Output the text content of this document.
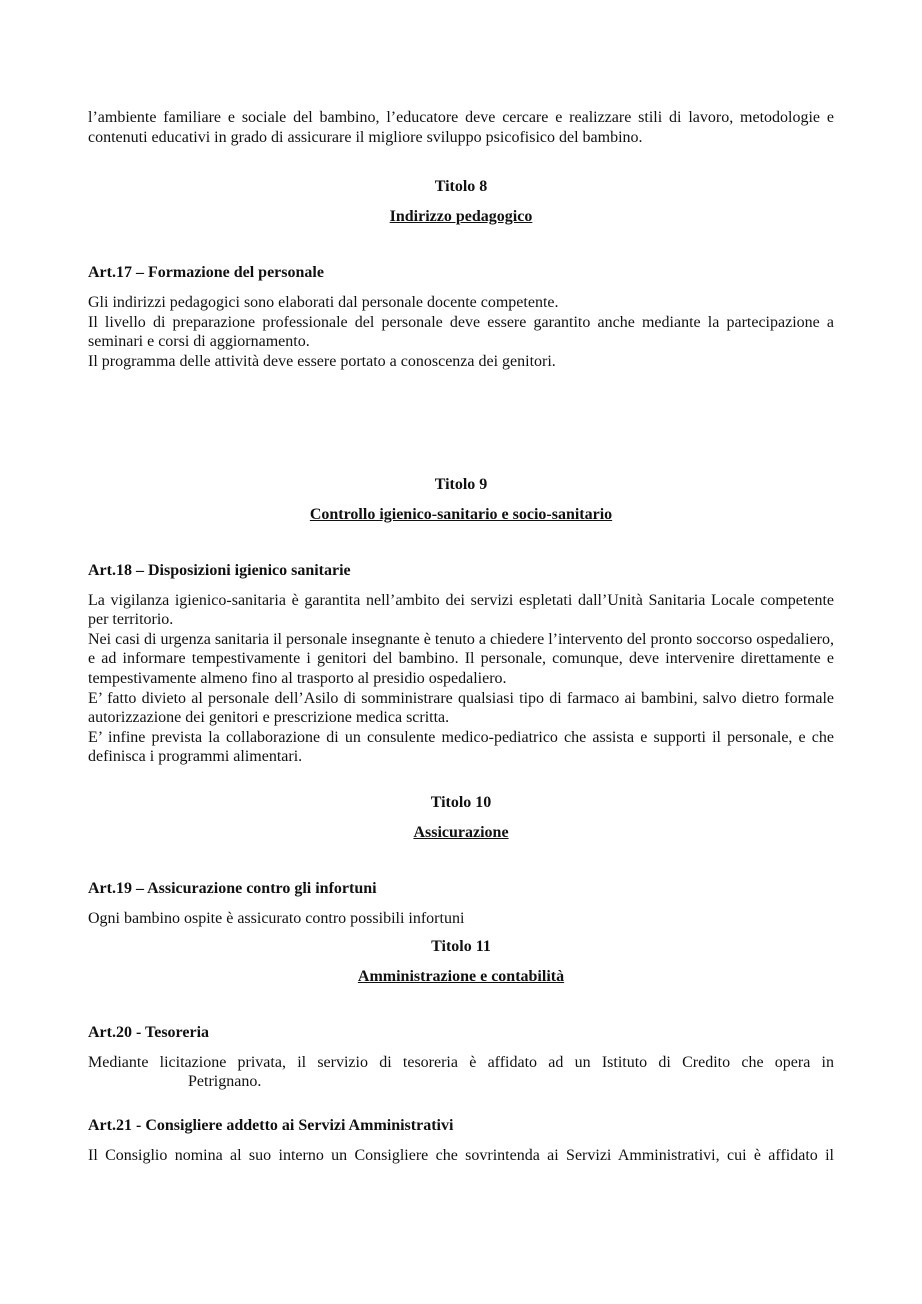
l’ambiente familiare e sociale del bambino, l’educatore deve cercare e realizzare stili di lavoro, metodologie e contenuti educativi in grado di assicurare il migliore sviluppo psicofisico del bambino.

Titolo 8
Indirizzo pedagogico
Art.17 – Formazione del personale

Gli indirizzi pedagogici sono elaborati dal personale docente competente.

Il livello di preparazione professionale del personale deve essere garantito anche mediante la partecipazione a seminari e corsi di aggiornamento.

Il programma delle attività deve essere portato a conoscenza dei genitori.

Titolo 9
Controllo igienico-sanitario e socio-sanitario
Art.18 – Disposizioni igienico sanitarie

La vigilanza igienico-sanitaria è garantita nell’ambito dei servizi espletati dall’Unità Sanitaria Locale competente per territorio.

Nei casi di urgenza sanitaria il personale insegnante è tenuto a chiedere l’intervento del pronto soccorso ospedaliero, e ad informare tempestivamente i genitori del bambino. Il personale, comunque, deve intervenire direttamente e tempestivamente almeno fino al trasporto al presidio ospedaliero.

E’ fatto divieto al personale dell’Asilo di somministrare qualsiasi tipo di farmaco ai bambini, salvo dietro formale autorizzazione dei genitori e prescrizione medica scritta.

E’ infine prevista la collaborazione di un consulente medico-pediatrico che assista e supporti il personale, e che definisca i programmi alimentari.

Titolo 10
Assicurazione
Art.19 – Assicurazione contro gli infortuni

Ogni bambino ospite è assicurato contro possibili infortuni

Titolo 11
Amministrazione e contabilità
Art.20 - Tesoreria

Mediante licitazione privata, il servizio di tesoreria è affidato ad un Istituto di Credito che opera in

Petrignano.

Art.21 - Consigliere addetto ai Servizi Amministrativi

Il Consiglio nomina al suo interno un Consigliere che sovrintenda ai Servizi Amministrativi, cui è affidato il
